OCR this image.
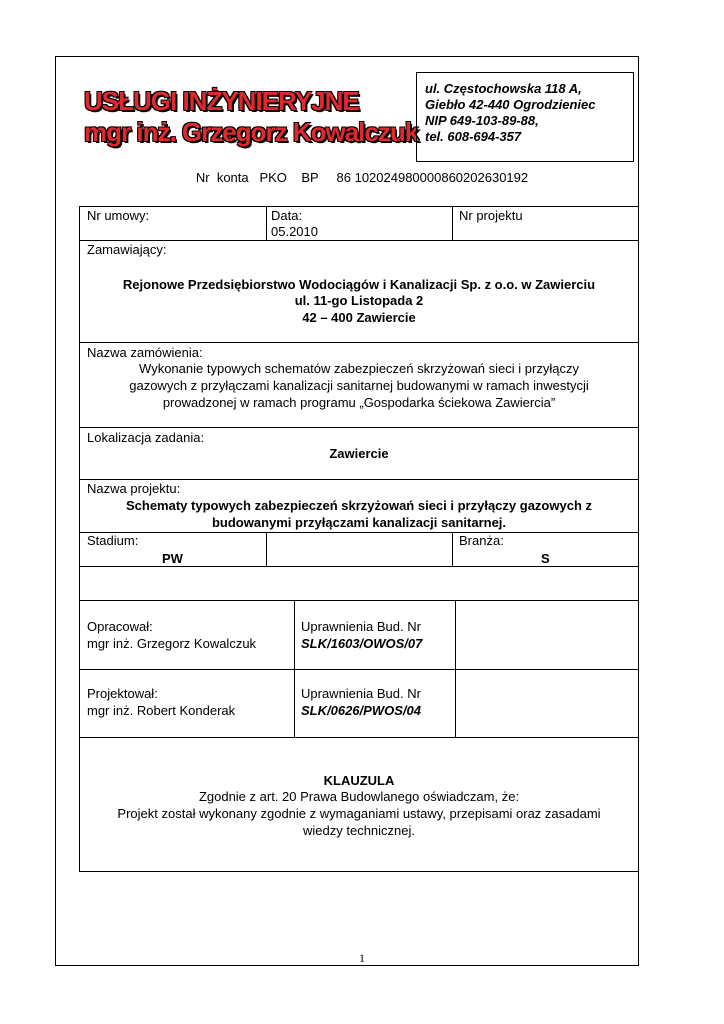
USŁUGI INŻYNIERYJNE
mgr inż. Grzegorz Kowalczuk
ul. Częstochowska 118 A,
Giebło 42-440 Ogrodzieniec
NIP 649-103-89-88,
tel. 608-694-357
Nr  konta   PKO    BP     86 1020249800008602026301​92
Nr umowy:	Data:
05.2010
Nr projektu
Zamawiający:
Rejonowe Przedsiębiorstwo Wodociągów i Kanalizacji Sp. z o.o. w Zawierciu
ul. 11-go Listopada 2
42 – 400 Zawiercie
Nazwa zamówienia:
Wykonanie typowych schematów zabezpieczeń skrzyżowań sieci i przyłączy
gazowych z przyłączami kanalizacji sanitarnej budowanymi w ramach inwestycji
prowadzonej w ramach programu „Gospodarka ściekowa Zawiercia”
Lokalizacja zadania:
Zawiercie
Nazwa projektu:
Schematy typowych zabezpieczeń skrzyżowań sieci i przyłączy gazowych z
budowanymi przyłączami kanalizacji sanitarnej.
Stadium:
PW
Branża:
S
Opracował:
mgr inż. Grzegorz Kowalczuk
Uprawnienia Bud. Nr
SLK/1603/OWOS/07
Projektował:
mgr inż. Robert Konderak
Uprawnienia Bud. Nr
SLK/0626/PWOS/04
KLAUZULA
Zgodnie z art. 20 Prawa Budowlanego oświadczam, że:
Projekt został wykonany zgodnie z wymaganiami ustawy, przepisami oraz zasadami
wiedzy technicznej.
1
